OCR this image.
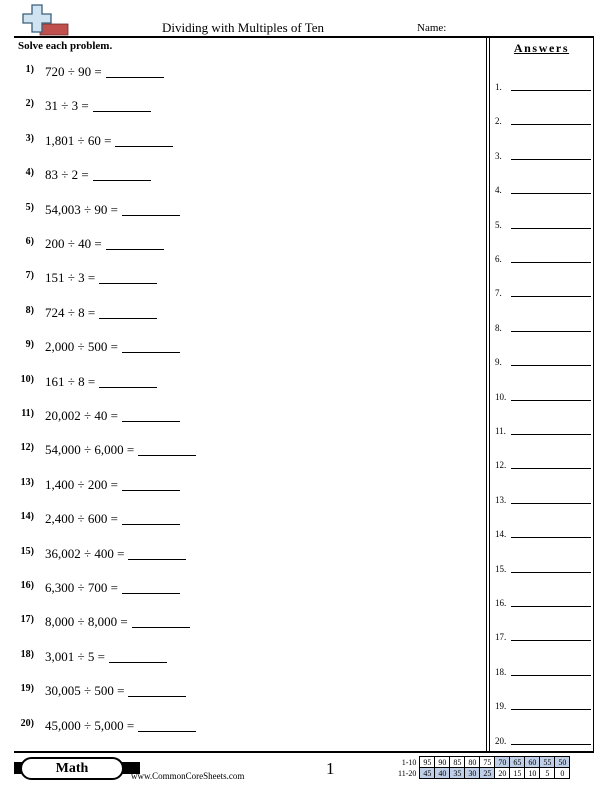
Dividing with Multiples of Ten	Name:
Solve each problem.
1) 720 ÷ 90 =
2) 31 ÷ 3 =
3) 1,801 ÷ 60 =
4) 83 ÷ 2 =
5) 54,003 ÷ 90 =
6) 200 ÷ 40 =
7) 151 ÷ 3 =
8) 724 ÷ 8 =
9) 2,000 ÷ 500 =
10) 161 ÷ 8 =
11) 20,002 ÷ 40 =
12) 54,000 ÷ 6,000 =
13) 1,400 ÷ 200 =
14) 2,400 ÷ 600 =
15) 36,002 ÷ 400 =
16) 6,300 ÷ 700 =
17) 8,000 ÷ 8,000 =
18) 3,001 ÷ 5 =
19) 30,005 ÷ 500 =
20) 45,000 ÷ 5,000 =
Answers
1.
2.
3.
4.
5.
6.
7.
8.
9.
10.
11.
12.
13.
14.
15.
16.
17.
18.
19.
20.
Math	www.CommonCoreSheets.com	1	1-10	95	90	85	80	75	70	65	60	55	50
11-20	45	40	35	30	25	20	15	10	5	0
